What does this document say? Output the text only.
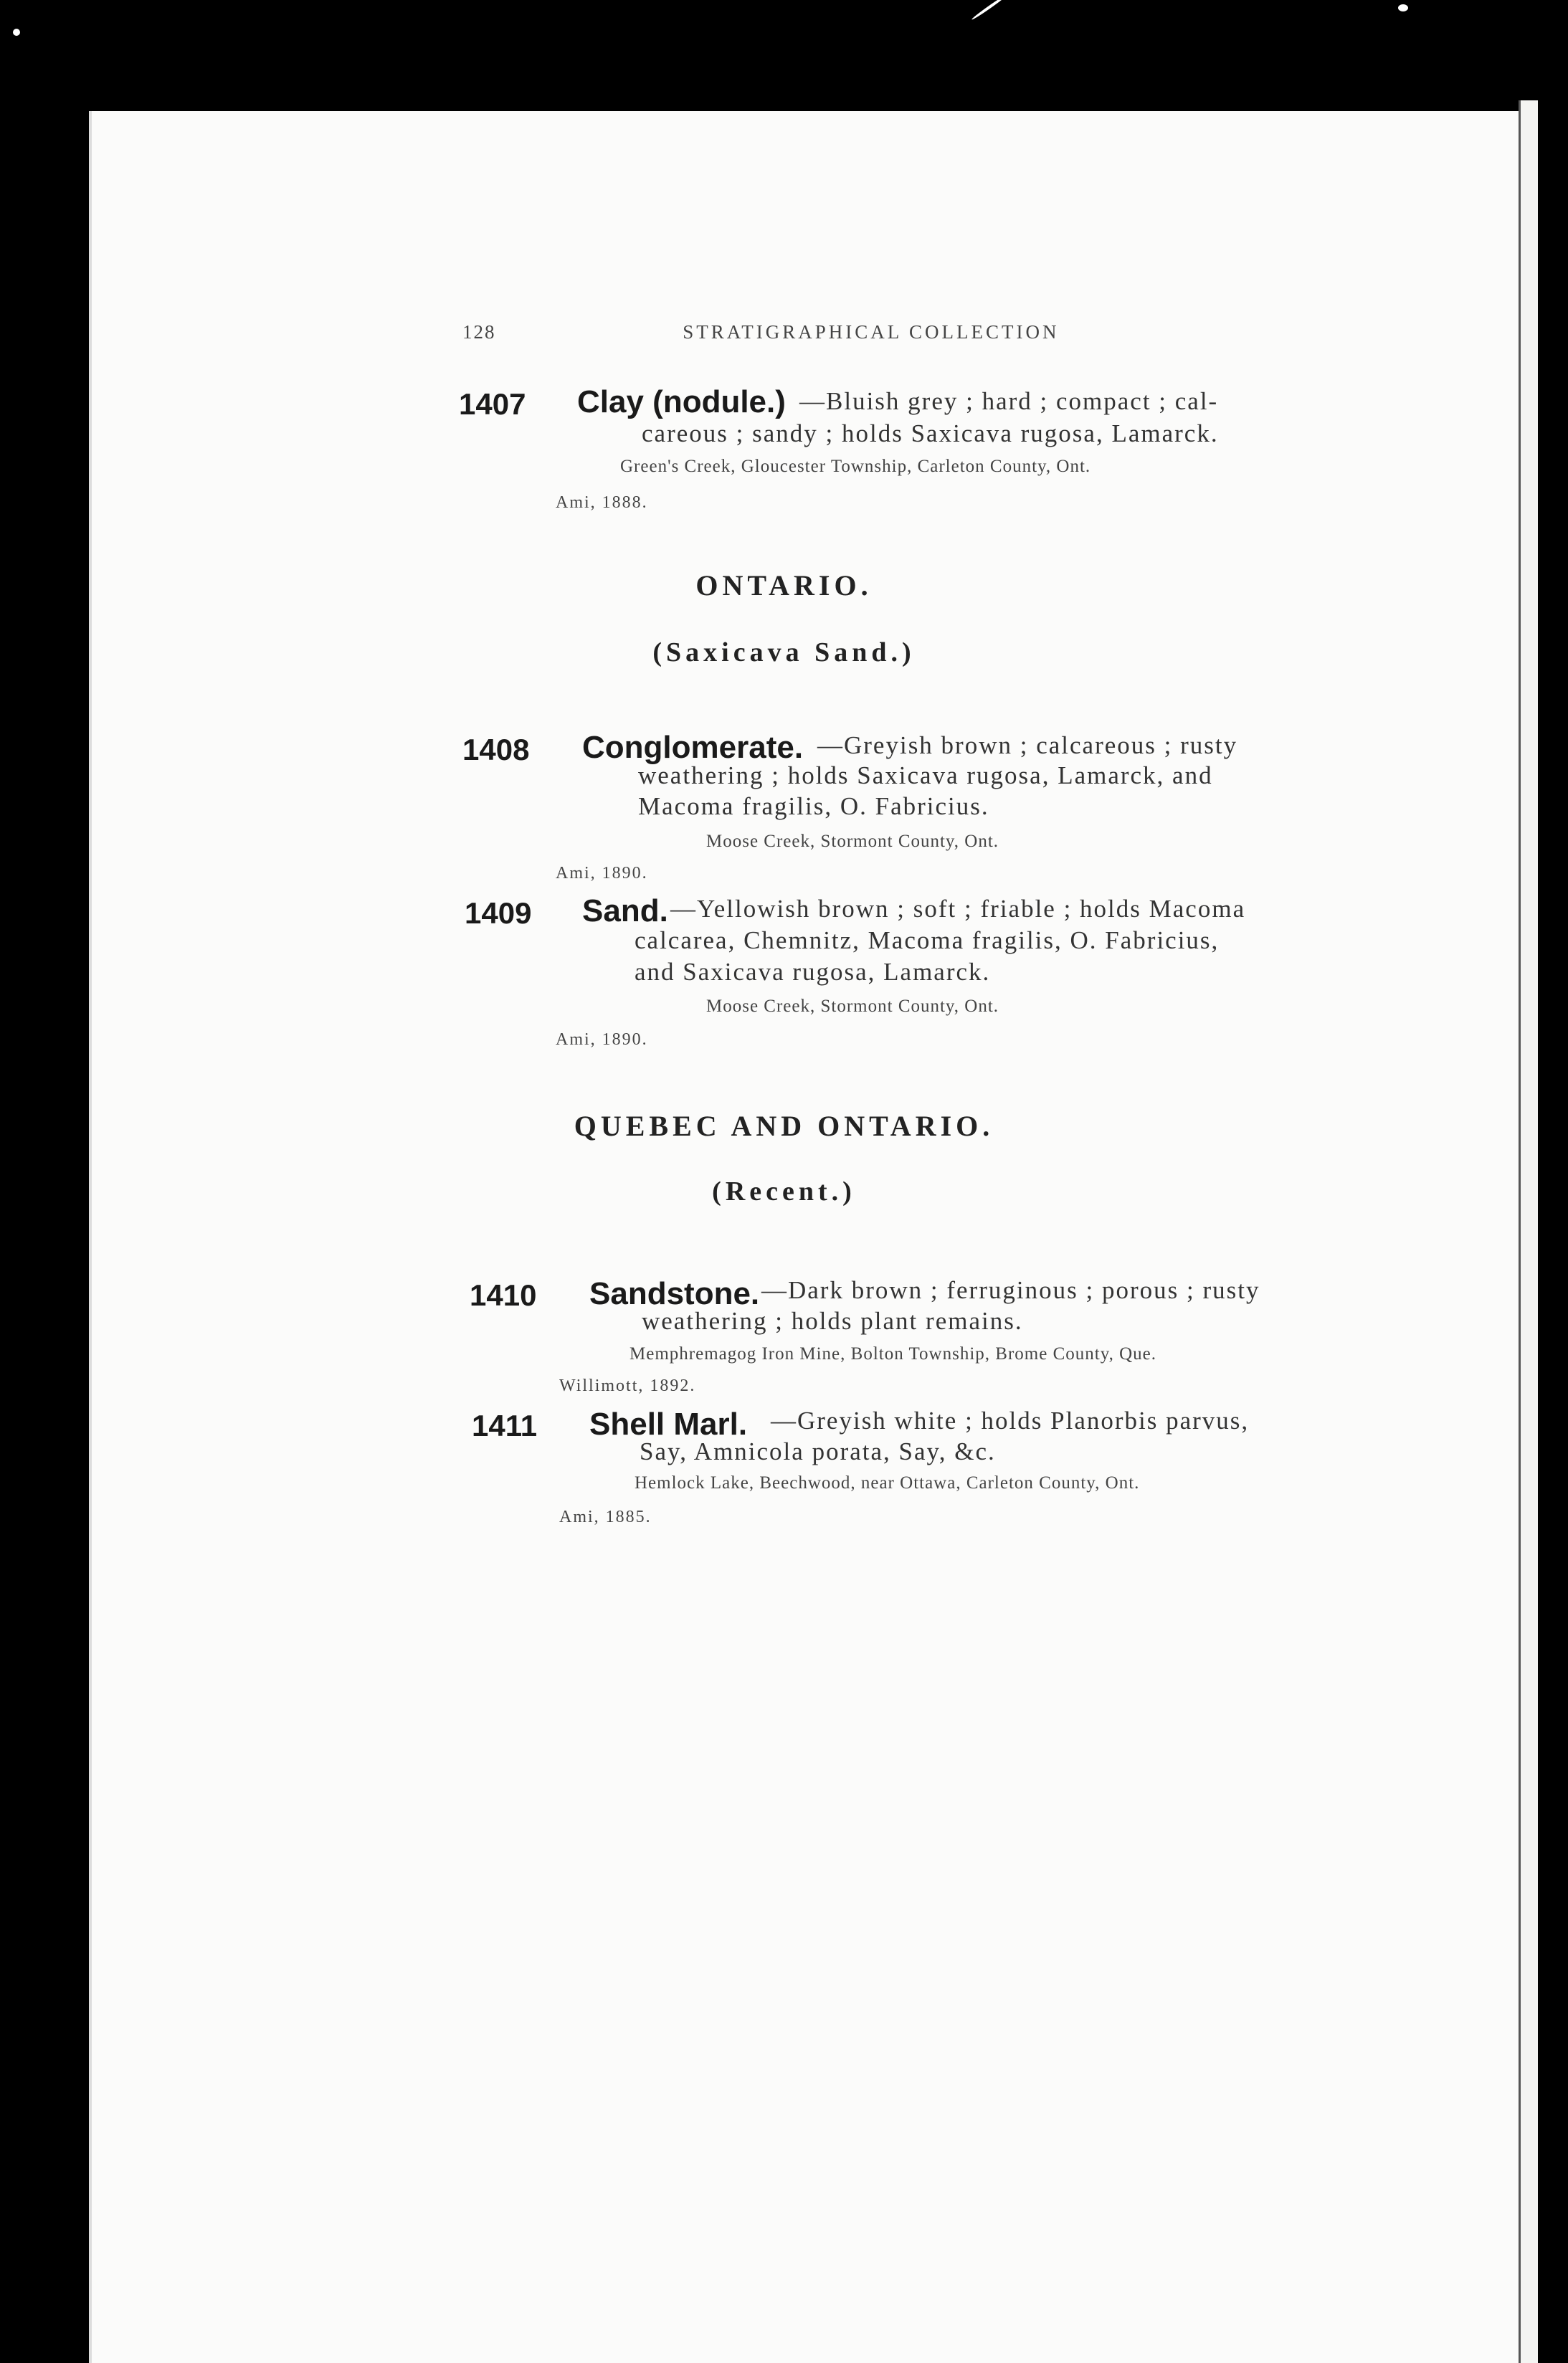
128	STRATIGRAPHICAL COLLECTION
1407 Clay (nodule.) —Bluish grey ; hard ; compact ; cal-
careous ; sandy ; holds Saxicava rugosa, Lamarck.
Green's Creek, Gloucester Township, Carleton County, Ont.
Ami, 1888.
ONTARIO.
(Saxicava Sand.)
1408 Conglomerate. —Greyish brown ; calcareous ; rusty
weathering ; holds Saxicava rugosa, Lamarck, and
Macoma fragilis, O. Fabricius.
Moose Creek, Stormont County, Ont.
Ami, 1890.
1409 Sand. —Yellowish brown ; soft ; friable ; holds Macoma
calcarea, Chemnitz, Macoma fragilis, O. Fabricius,
and Saxicava rugosa, Lamarck.
Moose Creek, Stormont County, Ont.
Ami, 1890.
QUEBEC AND ONTARIO.
(Recent.)
1410 Sandstone. —Dark brown ; ferruginous ; porous ; rusty
weathering ; holds plant remains.
Memphremagog Iron Mine, Bolton Township, Brome County, Que.
Willimott, 1892.
1411 Shell Marl. —Greyish white ; holds Planorbis parvus,
Say, Amnicola porata, Say, &c.
Hemlock Lake, Beechwood, near Ottawa, Carleton County, Ont.
Ami, 1885.
